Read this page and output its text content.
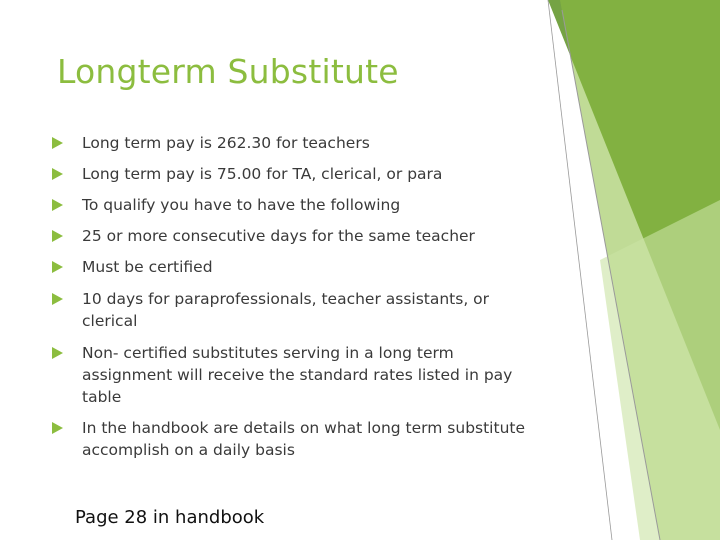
Longterm Substitute
Long term pay is 262.30 for teachers
Long term pay is 75.00 for TA, clerical, or para
To qualify you have to have the following
25 or more consecutive days for the same teacher
Must be certified
10 days for paraprofessionals, teacher assistants, or clerical
Non- certified substitutes serving in a long term assignment will receive the standard rates listed in pay table
In the handbook are details on what long term substitute accomplish on a daily basis
Page 28 in handbook
